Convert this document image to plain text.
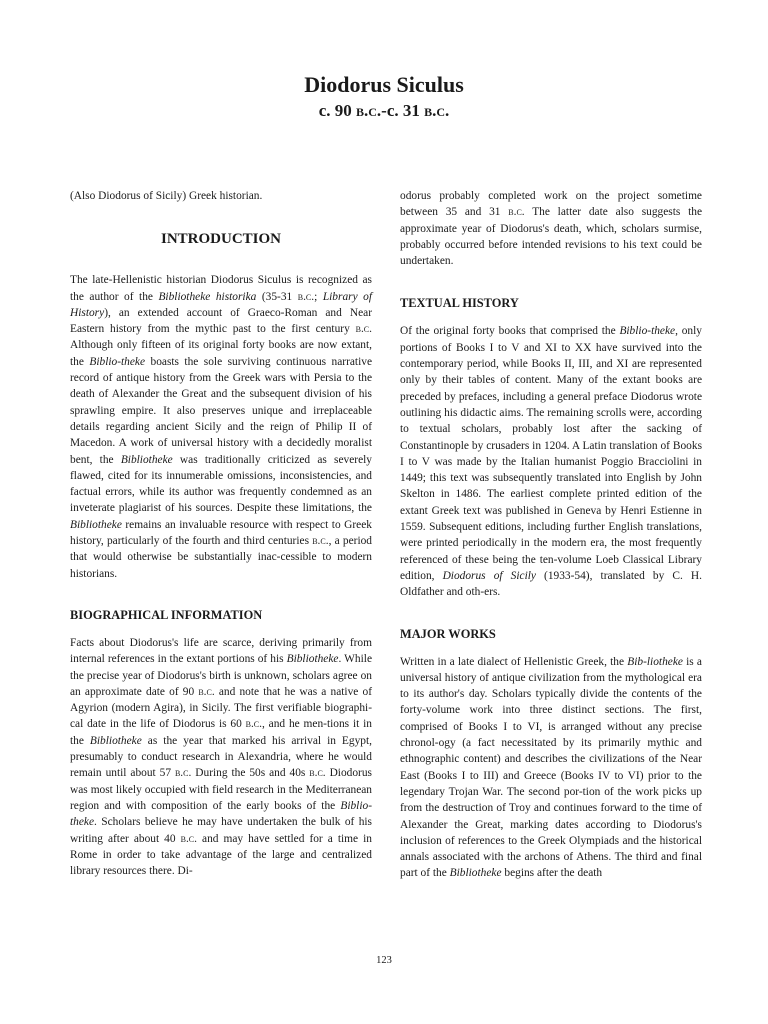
Diodorus Siculus
c. 90 b.c.-c. 31 b.c.

(Also Diodorus of Sicily) Greek historian.

INTRODUCTION

The late-Hellenistic historian Diodorus Siculus is recognized as the author of the Bibliotheke historika (35-31 b.c.; Library of History), an extended account of Graeco-Roman and Near Eastern history from the mythic past to the first century b.c. Although only fifteen of its original forty books are now extant, the Biblio-theke boasts the sole surviving continuous narrative record of antique history from the Greek wars with Persia to the death of Alexander the Great and the subsequent division of his sprawling empire. It also preserves unique and irreplaceable details regarding ancient Sicily and the reign of Philip II of Macedon. A work of universal history with a decidedly moralist bent, the Bibliotheke was traditionally criticized as severely flawed, cited for its innumerable omissions, inconsistencies, and factual errors, while its author was frequently condemned as an inveterate plagiarist of his sources. Despite these limitations, the Bibliotheke remains an invaluable resource with respect to Greek history, particularly of the fourth and third centuries b.c., a period that would otherwise be substantially inac-cessible to modern historians.

BIOGRAPHICAL INFORMATION

Facts about Diodorus's life are scarce, deriving primarily from internal references in the extant portions of his Bibliotheke. While the precise year of Diodorus's birth is unknown, scholars agree on an approximate date of 90 b.c. and note that he was a native of Agyrion (modern Agira), in Sicily. The first verifiable biographi-cal date in the life of Diodorus is 60 b.c., and he men-tions it in the Bibliotheke as the year that marked his arrival in Egypt, presumably to conduct research in Alexandria, where he would remain until about 57 b.c. During the 50s and 40s b.c. Diodorus was most likely occupied with field research in the Mediterranean region and with composition of the early books of the Biblio-theke. Scholars believe he may have undertaken the bulk of his writing after about 40 b.c. and may have settled for a time in Rome in order to take advantage of the large and centralized library resources there. Di-

odorus probably completed work on the project sometime between 35 and 31 b.c. The latter date also suggests the approximate year of Diodorus's death, which, scholars surmise, probably occurred before intended revisions to his text could be undertaken.

TEXTUAL HISTORY

Of the original forty books that comprised the Biblio-theke, only portions of Books I to V and XI to XX have survived into the contemporary period, while Books II, III, and XI are represented only by their tables of content. Many of the extant books are preceded by prefaces, including a general preface Diodorus wrote outlining his didactic aims. The remaining scrolls were, according to textual scholars, probably lost after the sacking of Constantinople by crusaders in 1204. A Latin translation of Books I to V was made by the Italian humanist Poggio Bracciolini in 1449; this text was subsequently translated into English by John Skelton in 1486. The earliest complete printed edition of the extant Greek text was published in Geneva by Henri Estienne in 1559. Subsequent editions, including further English translations, were printed periodically in the modern era, the most frequently referenced of these being the ten-volume Loeb Classical Library edition, Diodorus of Sicily (1933-54), translated by C. H. Oldfather and oth-ers.

MAJOR WORKS

Written in a late dialect of Hellenistic Greek, the Bib-liotheke is a universal history of antique civilization from the mythological era to its author's day. Scholars typically divide the contents of the forty-volume work into three distinct sections. The first, comprised of Books I to VI, is arranged without any precise chronol-ogy (a fact necessitated by its primarily mythic and ethnographic content) and describes the civilizations of the Near East (Books I to III) and Greece (Books IV to VI) prior to the legendary Trojan War. The second por-tion of the work picks up from the destruction of Troy and continues forward to the time of Alexander the Great, marking dates according to Diodorus's inclusion of references to the Greek Olympiads and the historical annals associated with the archons of Athens. The third and final part of the Bibliotheke begins after the death

123
